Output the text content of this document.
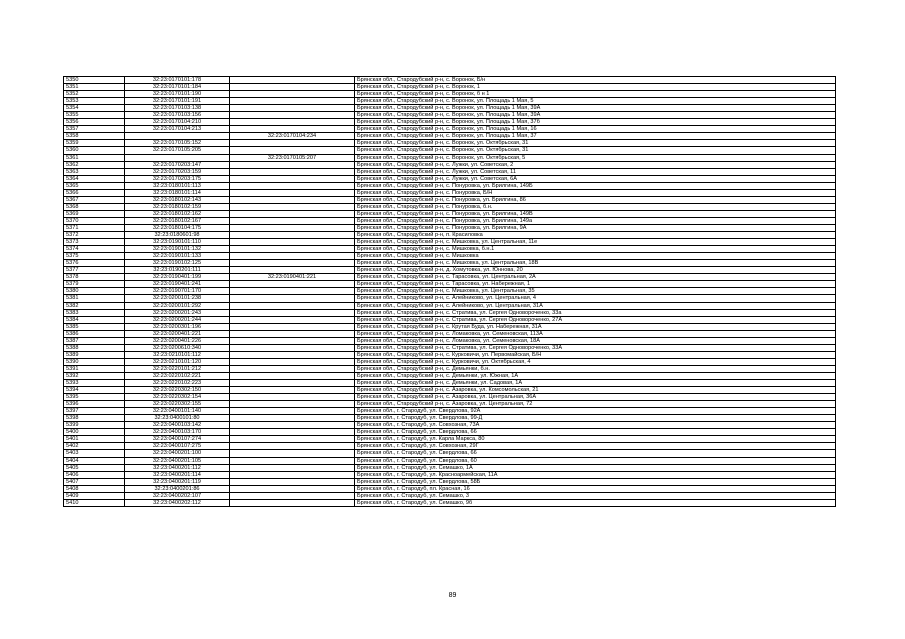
5350	32:23:0170101:178		Брянская обл., Стародубский р-н, с. Воронок, Б/н
5351	32:23:0170101:184		Брянская обл., Стародубский р-н, с. Воронок, 1
5352	32:23:0170101:190		Брянская обл., Стародубский р-н, с. Воронок, б н 1
5353	32:23:0170101:191		Брянская обл., Стародубский р-н, с. Воронок, ул. Площадь 1 Мая, 5
5354	32:23:0170103:138		Брянская обл., Стародубский р-н, с. Воронок, ул. Площадь 1 Мая, 39А
5355	32:23:0170103:156		Брянская обл., Стародубский р-н, с. Воронок, ул. Площадь 1 Мая, 39А
5356	32:23:0170104:210		Брянская обл., Стародубский р-н, с. Воронок, ул. Площадь 1 Мая, 37б
5357	32:23:0170104:213		Брянская обл., Стародубский р-н, с. Воронок, ул. Площадь 1 Мая, 16
5358		32:23:0170104:234	Брянская обл., Стародубский р-н, с. Воронок, ул. Площадь 1 Мая, 37
5359	32:23:0170105:152		Брянская обл., Стародубский р-н, с. Воронок, ул. Октябрьская, 31
5360	32:23:0170105:205		Брянская обл., Стародубский р-н, с. Воронок, ул. Октябрьская, 31
5361		32:23:0170105:207	Брянская обл., Стародубский р-н, с. Воронок, ул. Октябрьская, 5
5362	32:23:0170203:147		Брянская обл., Стародубский р-н, с. Лужки, ул. Советская, 2
5363	32:23:0170203:159		Брянская обл., Стародубский р-н, с. Лужки, ул. Советская, 11
5364	32:23:0170203:175		Брянская обл., Стародубский р-н, с. Лужки, ул. Советская, 6А
5365	32:23:0180101:113		Брянская обл., Стародубский р-н, с. Понуровка, ул. Брилгина, 149Б
5366	32:23:0180101:114		Брянская обл., Стародубский р-н, с. Понуровка, Б/Н
5367	32:23:0180102:143		Брянская обл., Стародубский р-н, с. Понуровка, ул. Брилгина, 86
5368	32:23:0180102:159		Брянская обл., Стародубский р-н, с. Понуровка, б.н.
5369	32:23:0180102:162		Брянская обл., Стародубский р-н, с. Понуровка, ул. Брилгина, 149В
5370	32:23:0180102:167		Брянская обл., Стародубский р-н, с. Понуровка, ул. Брилгина, 149а
5371	32:23:0180104:175		Брянская обл., Стародубский р-н, с. Понуровка, ул. Брилгина, 9А
5372	32:23:0180601:98		Брянская обл., Стародубский р-н, п. Красиловка
5373	32:23:0190101:110		Брянская обл., Стародубский р-н, с. Мишковка, ул. Центральная, 11е
5374	32:23:0190101:132		Брянская обл., Стародубский р-н, с. Мишковка, б.н.1
5375	32:23:0190101:133		Брянская обл., Стародубский р-н, с. Мишковка
5376	32:23:0190102:125		Брянская обл., Стародубский р-н, с. Мишковка, ул. Центральная, 18В
5377	32:23:0190201:111		Брянская обл., Стародубский р-н, д. Хомутовка, ул. Юннова, 20
5378	32:23:0190401:199	32:23:0190401:221	Брянская обл., Стародубский р-н, с. Тарасовка, ул. Центральная, 2А
5379	32:23:0190401:241		Брянская обл., Стародубский р-н, с. Тарасовка, ул. Набережная, 1
5380	32:23:0190701:170		Брянская обл., Стародубский р-н, с. Мишковка, ул. Центральная, 35
5381	32:23:0200101:238		Брянская обл., Стародубский р-н, с. Алейниково, ул. Центральная, 4
5382	32:23:0200101:292		Брянская обл., Стародубский р-н, с. Алейниково, ул. Центральная, 31А
5383	32:23:0200201:243		Брянская обл., Стародубский р-н, с. Стратива, ул. Сергея Одновороченко, 33а
5384	32:23:0200201:244		Брянская обл., Стародубский р-н, с. Стратива, ул. Сергея Одновороченко, 27А
5385	32:23:0200301:196		Брянская обл., Стародубский р-н, с. Крутая Буда, ул. Набережная, 31А
5386	32:23:0200401:221		Брянская обл., Стародубский р-н, с. Ломаковка, ул. Семеновская, 113А
5387	32:23:0200401:226		Брянская обл., Стародубский р-н, с. Ломаковка, ул. Семеновская, 18А
5388	32:23:0200610:340		Брянская обл., Стародубский р-н, с. Стратива, ул. Сергея Одновороченко, 33А
5389	32:23:0210101:112		Брянская обл., Стародубский р-н, с. Курковичи, ул. Первомайская, Б/Н
5390	32:23:0210101:120		Брянская обл., Стародубский р-н, с. Курковичи, ул. Октябрьская, 4
5391	32:23:0220101:212		Брянская обл., Стародубский р-н, с. Демьянки, б.н.
5392	32:23:0220102:221		Брянская обл., Стародубский р-н, с. Демьянки, ул. Южная, 1А
5393	32:23:0220102:223		Брянская обл., Стародубский р-н, с. Демьянки, ул. Садовая, 1А
5394	32:23:0220302:150		Брянская обл., Стародубский р-н, с. Азаровка, ул. Комсомольская, 21
5395	32:23:0220302:154		Брянская обл., Стародубский р-н, с. Азаровка, ул. Центральная, 36А
5396	32:23:0220302:155		Брянская обл., Стародубский р-н, с. Азаровка, ул. Центральная, 72
5397	32:23:0400101:140		Брянская обл., г. Стародуб, ул. Свердлова, 92А
5398	32:23:0400101:80		Брянская обл., г. Стародуб, ул. Свердлова, 99-Д
5399	32:23:0400103:142		Брянская обл., г. Стародуб, ул. Совхозная, 73А
5400	32:23:0400103:170		Брянская обл., г. Стародуб, ул. Свердлова, 66
5401	32:23:0400107:274		Брянская обл., г. Стародуб, ул. Карла Маркса, 80
5402	32:23:0400107:275		Брянская обл., г. Стародуб, ул. Совхозная, 29Г
5403	32:23:0400201:100		Брянская обл., г. Стародуб, ул. Свердлова, 66
5404	32:23:0400201:105		Брянская обл., г. Стародуб, ул. Свердлова, 60
5405	32:23:0400201:112		Брянская обл., г. Стародуб, ул. Семашко, 1А
5406	32:23:0400201:114		Брянская обл., г. Стародуб, ул. Красноармейская, 11А
5407	32:23:0400201:119		Брянская обл., г. Стародуб, ул. Свердлова, 58Б
5408	32:23:0400201:86		Брянская обл., г. Стародуб, пл. Красная, 16
5409	32:23:0400202:107		Брянская обл., г. Стародуб, ул. Семашко, 3
5410	32:23:0400202:112		Брянская обл., г. Стародуб, ул. Семашко, 9б
89
